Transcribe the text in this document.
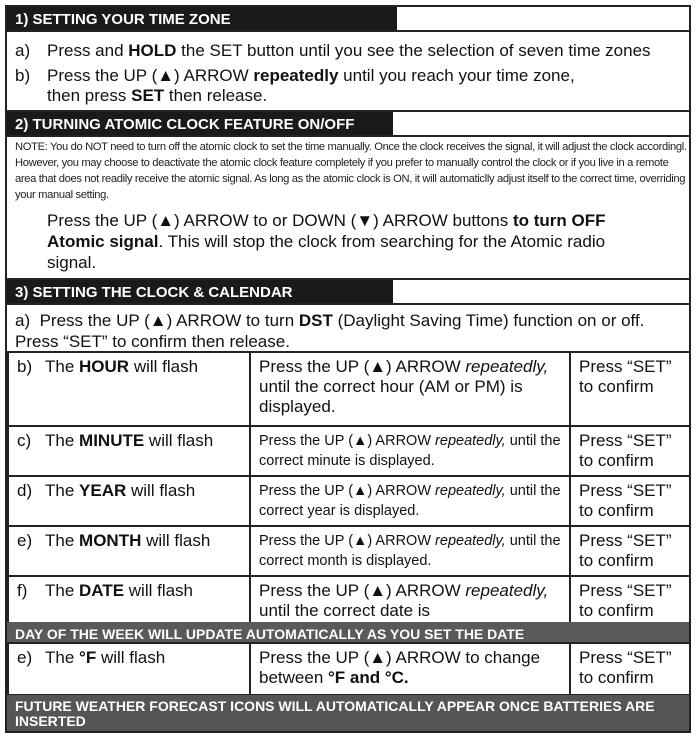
1) SETTING YOUR TIME ZONE
a) Press and HOLD the SET button until you see the selection of seven time zones
b) Press the UP (▲) ARROW repeatedly until you reach your time zone,
then press SET then release.
2) TURNING ATOMIC CLOCK FEATURE ON/OFF
NOTE: You do NOT need to turn off the atomic clock to set the time manually. Once the clock receives the signal, it will adjust the clock accordingl. However, you may choose to deactivate the atomic clock feature completely if you prefer to manually control the clock or if you live in a remote area that does not readily receive the atomic signal. As long as the atomic clock is ON, it will automaticlly adjust itself to the correct time, overriding your manual setting.
Press the UP (▲) ARROW to or DOWN (▼) ARROW buttons to turn OFF Atomic signal. This will stop the clock from searching for the Atomic radio signal.
3) SETTING THE CLOCK & CALENDAR
a) Press the UP (▲) ARROW to turn DST (Daylight Saving Time) function on or off. Press “SET” to confirm then release.
b) The HOUR will flash	Press the UP (▲) ARROW repeatedly, until the correct hour (AM or PM) is displayed.	Press “SET” to confirm
c) The MINUTE will flash	Press the UP (▲) ARROW repeatedly, until the correct minute is displayed.	Press “SET” to confirm
d) The YEAR will flash	Press the UP (▲) ARROW repeatedly, until the correct year is displayed.	Press “SET” to confirm
e) The MONTH will flash	Press the UP (▲) ARROW repeatedly, until the correct month is displayed.	Press “SET” to confirm
f) The DATE will flash	Press the UP (▲) ARROW repeatedly, until the correct date is	Press “SET” to confirm
DAY OF THE WEEK WILL UPDATE AUTOMATICALLY AS YOU SET THE DATE
e) The °F will flash	Press the UP (▲) ARROW to change between °F and °C.	Press “SET” to confirm
FUTURE WEATHER FORECAST ICONS WILL AUTOMATICALLY APPEAR ONCE BATTERIES ARE INSERTED
